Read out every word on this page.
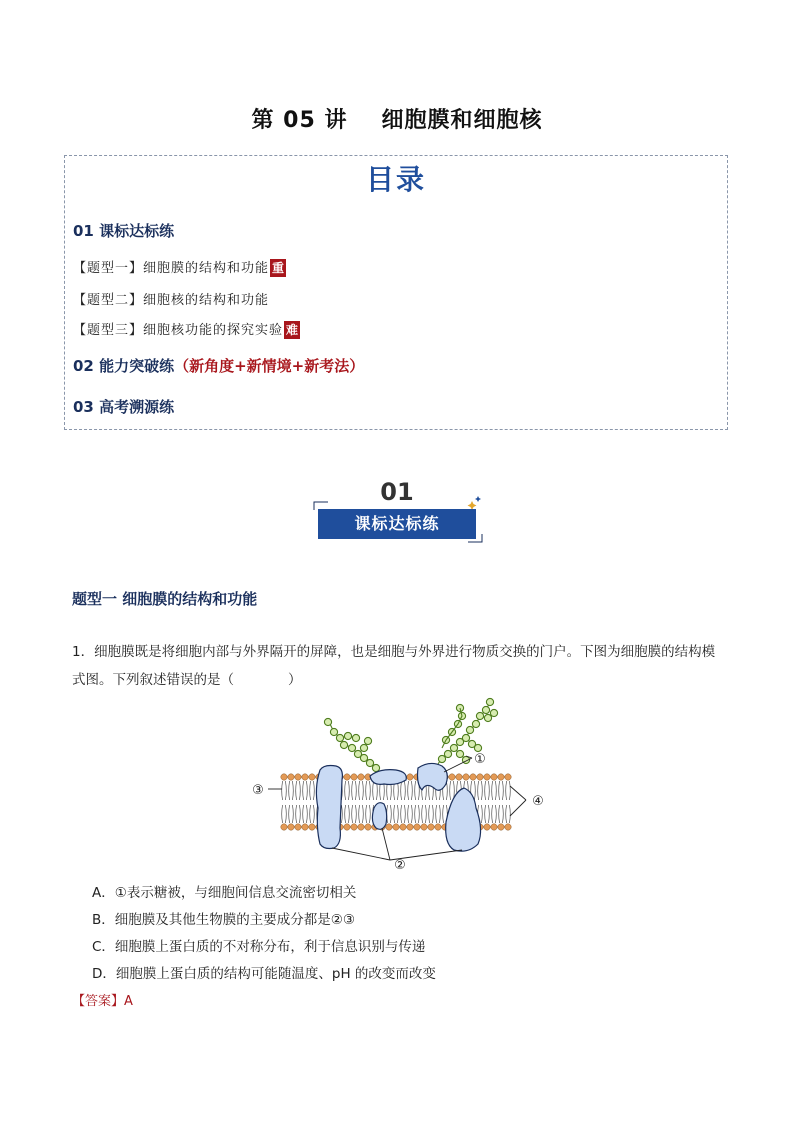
第 05 讲 细胞膜和细胞核
目录
01 课标达标练
【题型一】细胞膜的结构和功能 重
【题型二】细胞核的结构和功能
【题型三】细胞核功能的探究实验 难
02 能力突破练（新角度+新情境+新考法）
03 高考溯源练
01
课标达标练
题型一 细胞膜的结构和功能
1．细胞膜既是将细胞内部与外界隔开的屏障，也是细胞与外界进行物质交换的门户。下图为细胞膜的结构模式图。下列叙述错误的是（　　　　）
③
①
②
④
A．①表示糖被，与细胞间信息交流密切相关
B．细胞膜及其他生物膜的主要成分都是②③
C．细胞膜上蛋白质的不对称分布，利于信息识别与传递
D．细胞膜上蛋白质的结构可能随温度、pH 的改变而改变
【答案】A
